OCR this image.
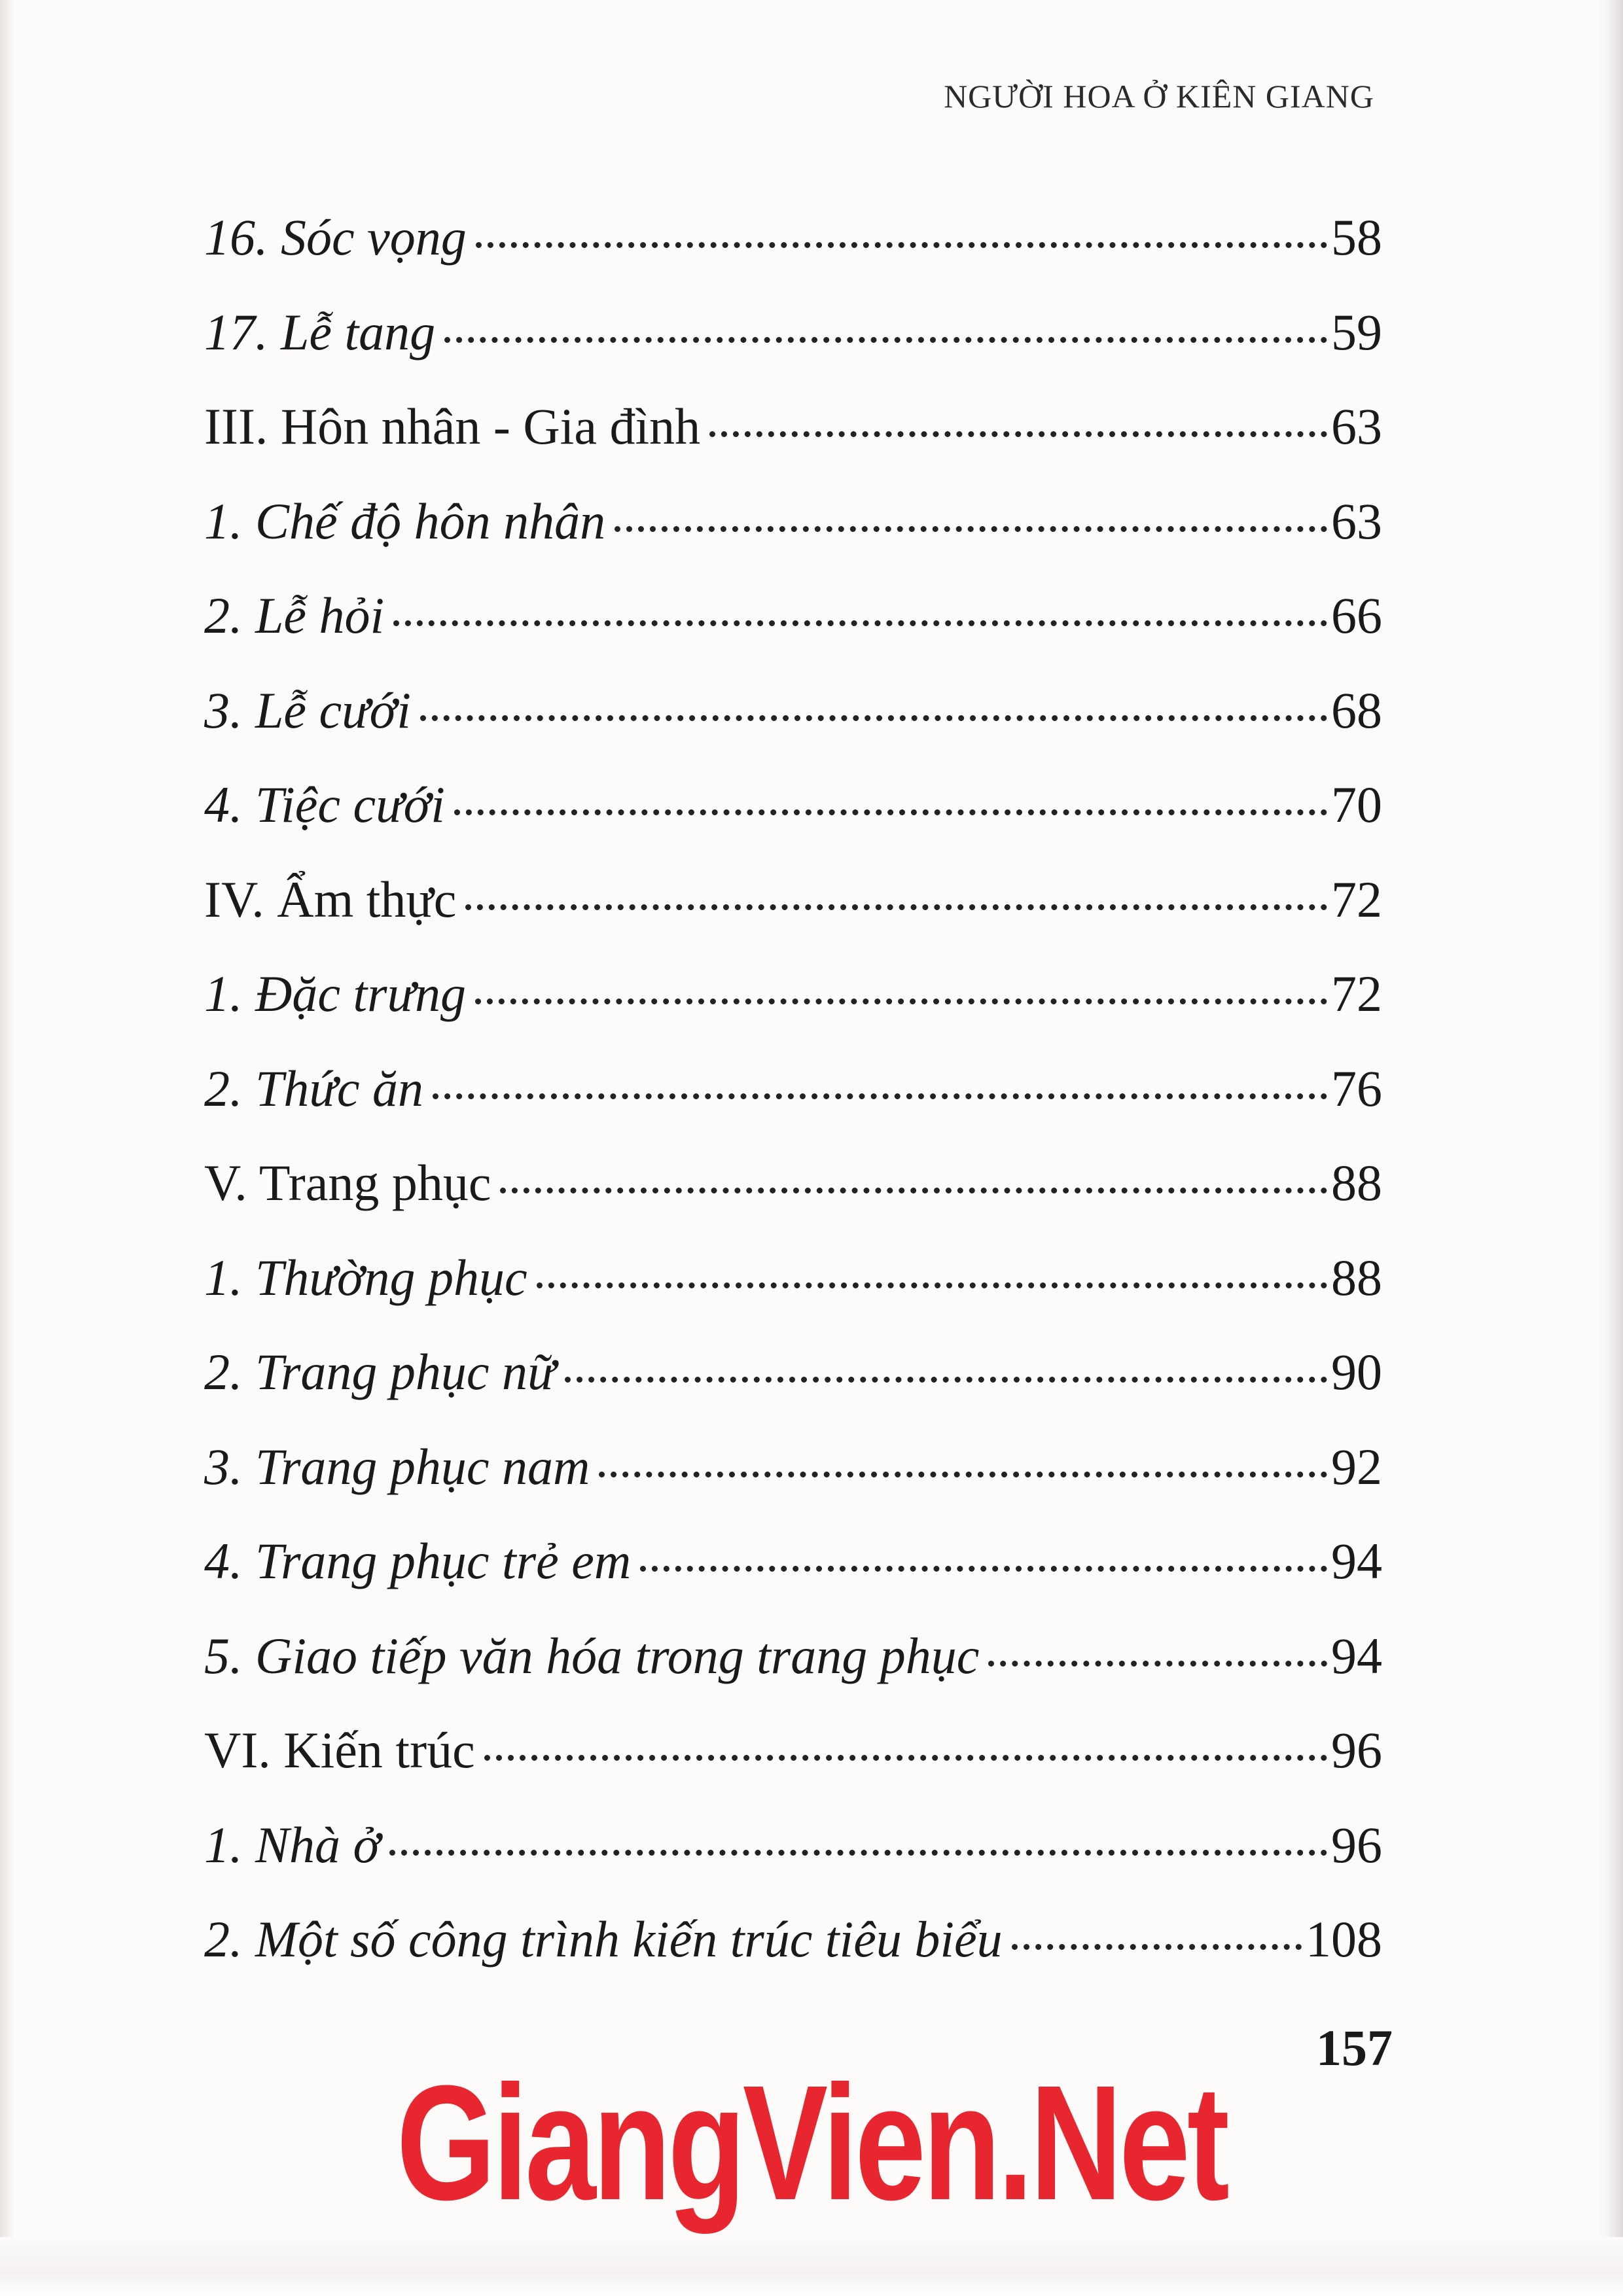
NGƯỜI HOA Ở KIÊN GIANG
16. Sóc vọng	58
17. Lễ tang	59
III. Hôn nhân - Gia đình	63
1. Chế độ hôn nhân	63
2. Lễ hỏi	66
3. Lễ cưới	68
4. Tiệc cưới	70
IV. Ẩm thực	72
1. Đặc trưng	72
2. Thức ăn	76
V. Trang phục	88
1. Thường phục	88
2. Trang phục nữ	90
3. Trang phục nam	92
4. Trang phục trẻ em	94
5. Giao tiếp văn hóa trong trang phục	94
VI. Kiến trúc	96
1. Nhà ở	96
2. Một số công trình kiến trúc tiêu biểu	108
157
GiangVien.Net
